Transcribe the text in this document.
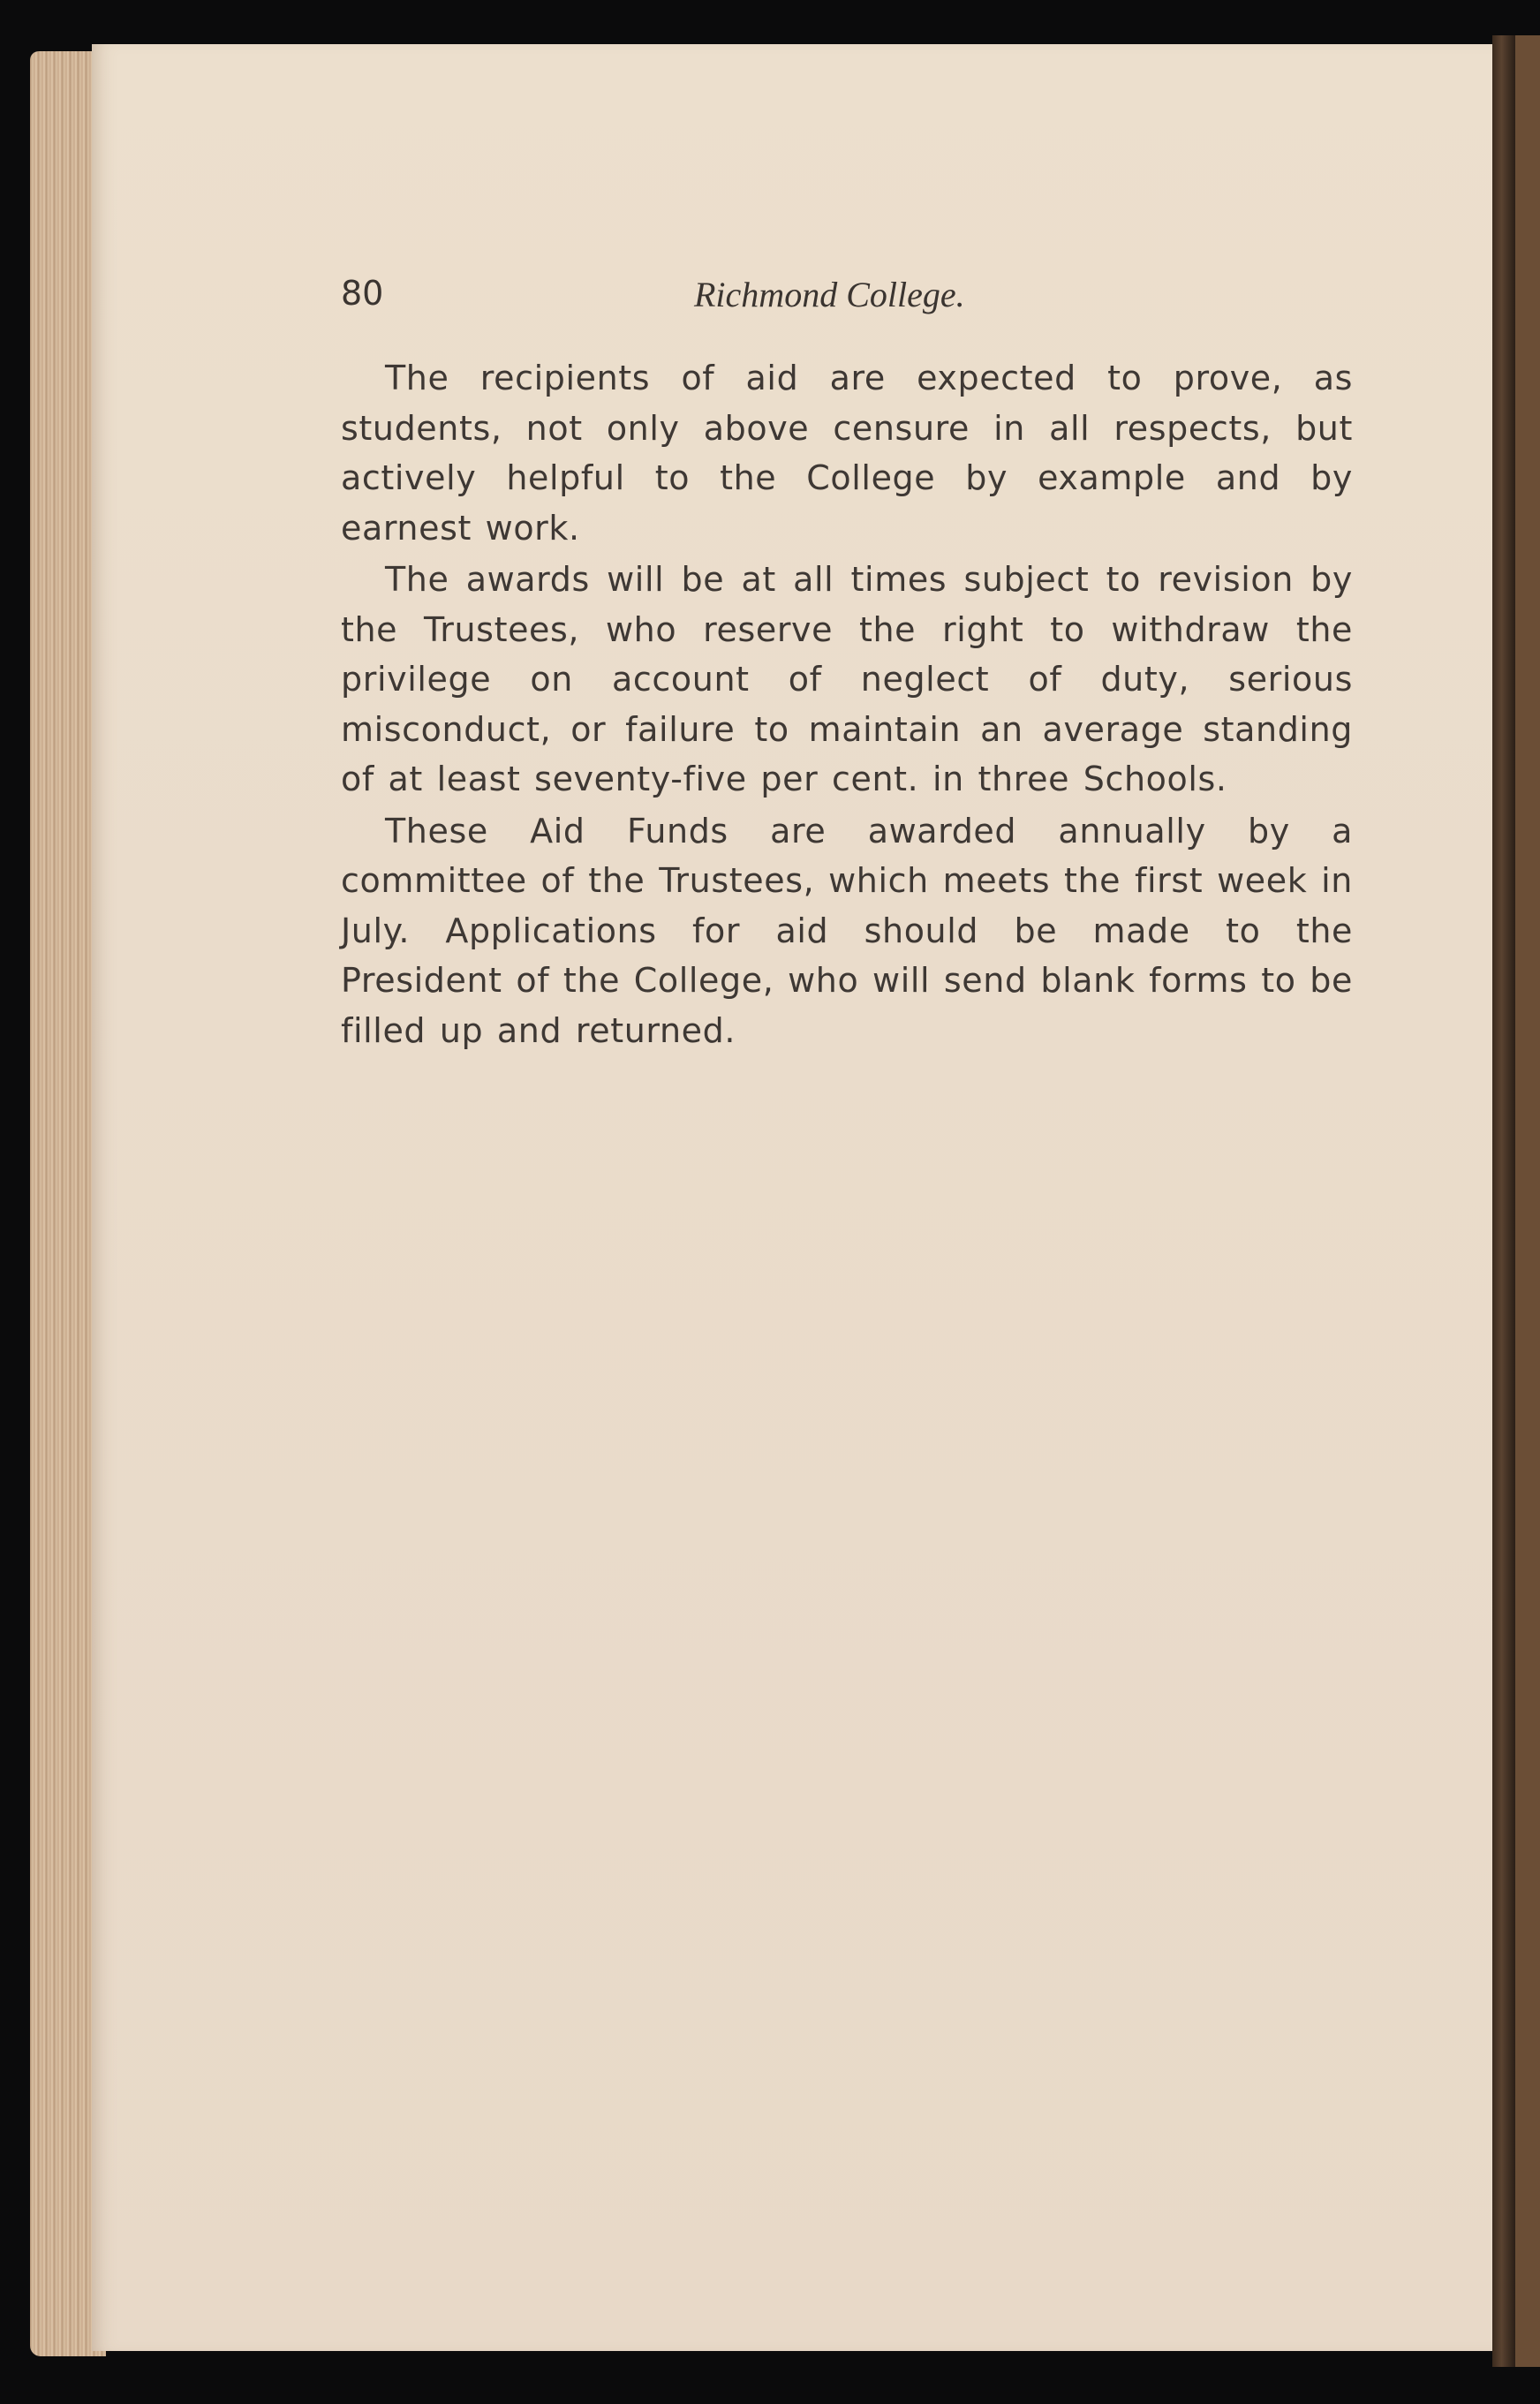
80	Richmond College.

The recipients of aid are expected to prove, as students, not only above censure in all respects, but actively helpful to the College by example and by earnest work.

The awards will be at all times subject to revision by the Trustees, who reserve the right to withdraw the privilege on account of neglect of duty, serious misconduct, or failure to maintain an average standing of at least seventy-five per cent. in three Schools.

These Aid Funds are awarded annually by a committee of the Trustees, which meets the first week in July. Applications for aid should be made to the President of the College, who will send blank forms to be filled up and returned.
